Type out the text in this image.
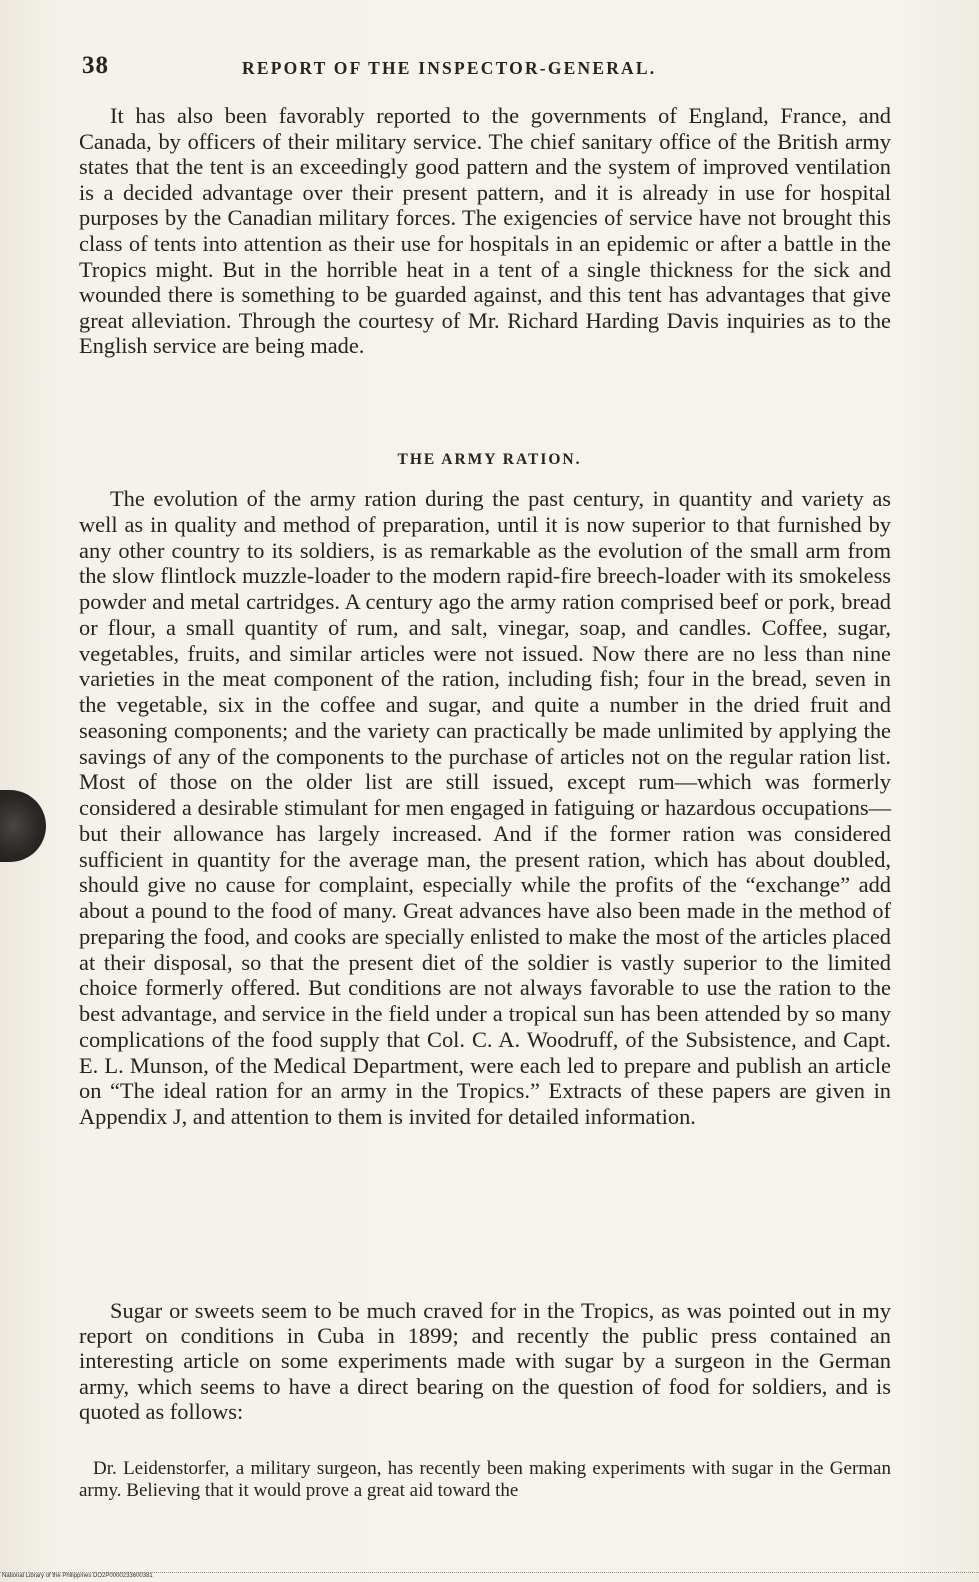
38	REPORT OF THE INSPECTOR-GENERAL.

It has also been favorably reported to the governments of England, France, and Canada, by officers of their military service. The chief sanitary office of the British army states that the tent is an exceedingly good pattern and the system of improved ventilation is a decided advantage over their present pattern, and it is already in use for hospital purposes by the Canadian military forces. The exigencies of service have not brought this class of tents into attention as their use for hospitals in an epidemic or after a battle in the Tropics might. But in the horrible heat in a tent of a single thickness for the sick and wounded there is something to be guarded against, and this tent has advantages that give great alleviation. Through the courtesy of Mr. Richard Harding Davis inquiries as to the English service are being made.

THE ARMY RATION.

The evolution of the army ration during the past century, in quantity and variety as well as in quality and method of preparation, until it is now superior to that furnished by any other country to its soldiers, is as remarkable as the evolution of the small arm from the slow flintlock muzzle-loader to the modern rapid-fire breech-loader with its smokeless powder and metal cartridges. A century ago the army ration comprised beef or pork, bread or flour, a small quantity of rum, and salt, vinegar, soap, and candles. Coffee, sugar, vegetables, fruits, and similar articles were not issued. Now there are no less than nine varieties in the meat component of the ration, including fish; four in the bread, seven in the vegetable, six in the coffee and sugar, and quite a number in the dried fruit and seasoning components; and the variety can practically be made unlimited by applying the savings of any of the components to the purchase of articles not on the regular ration list. Most of those on the older list are still issued, except rum—which was formerly considered a desirable stimulant for men engaged in fatiguing or hazardous occupations—but their allowance has largely increased. And if the former ration was considered sufficient in quantity for the average man, the present ration, which has about doubled, should give no cause for complaint, especially while the profits of the “exchange” add about a pound to the food of many. Great advances have also been made in the method of preparing the food, and cooks are specially enlisted to make the most of the articles placed at their disposal, so that the present diet of the soldier is vastly superior to the limited choice formerly offered. But conditions are not always favorable to use the ration to the best advantage, and service in the field under a tropical sun has been attended by so many complications of the food supply that Col. C. A. Woodruff, of the Subsistence, and Capt. E. L. Munson, of the Medical Department, were each led to prepare and publish an article on “The ideal ration for an army in the Tropics.” Extracts of these papers are given in Appendix J, and attention to them is invited for detailed information.

Sugar or sweets seem to be much craved for in the Tropics, as was pointed out in my report on conditions in Cuba in 1899; and recently the public press contained an interesting article on some experiments made with sugar by a surgeon in the German army, which seems to have a direct bearing on the question of food for soldiers, and is quoted as follows:

Dr. Leidenstorfer, a military surgeon, has recently been making experiments with sugar in the German army. Believing that it would prove a great aid toward the

National Library of the Philippines DO2P0000233600381
